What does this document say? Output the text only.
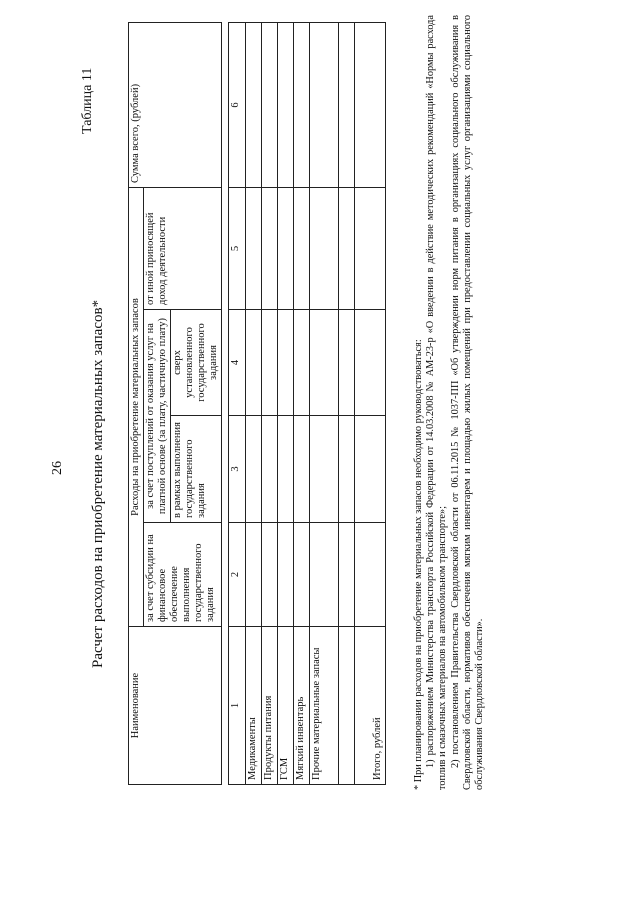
26
Таблица 11
Расчет расходов на приобретение материальных запасов*
Наименование	Расходы на приобретение материальных запасов				Сумма всего, (рублей)
	за счет субсидии на финансовое обеспечение выполнения государственного задания	за счет поступлений от оказания услуг на платной основе (за плату, частичную плату)		от иной приносящей доход деятельности	
		в рамках выполнения государственного задания	сверх установленного государственного задания		

1	2	3	4	5	6
Медикаменты					
Продукты питания					
ГСМ					
Мягкий инвентарь					
Прочие материальные запасы					

Итого, рублей						* При планировании расходов на приобретение материальных запасов необходимо руководствоваться: 1) распоряжением Министерства транспорта Российской Федерации от 14.03.2008 № АМ-23-р «О введении в действие методических рекомендаций «Нормы расхода топлив и смазочных материалов на автомобильном транспорте»; 2) постановлением Правительства Свердловской области от 06.11.2015 № 1037-ПП «Об утверждении норм питания в организациях социального обслуживания в Свердловской области, нормативов обеспечения мягким инвентарем и площадью жилых помещений при предоставлении социальных услуг организациями социального обслуживания Свердловской области».
